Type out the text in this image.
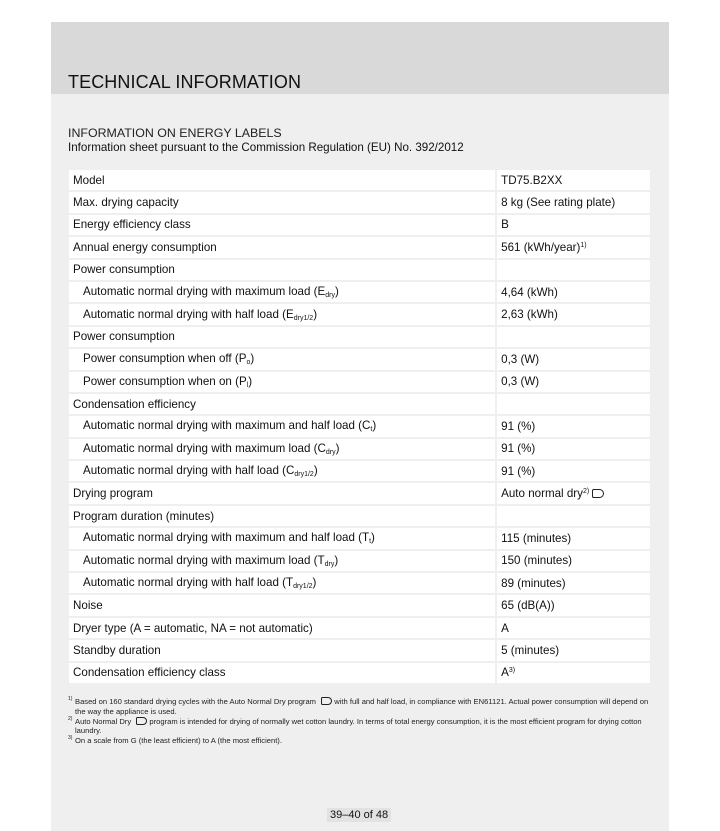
TECHNICAL INFORMATION
INFORMATION ON ENERGY LABELS
Information sheet pursuant to the Commission Regulation (EU) No. 392/2012
Model	TD75.B2XX
Max. drying capacity	8 kg (See rating plate)
Energy efficiency class	B
Annual energy consumption	561 (kWh/year)$^{1)}$
Power consumption	
Automatic normal drying with maximum load $(E_{dry})$	4,64 (kWh)
Automatic normal drying with half load $(E_{dry1/2})$	2,63 (kWh)
Power consumption	
Power consumption when off $(P_o)$	0,3 (W)
Power consumption when on $(P_l)$	0,3 (W)
Condensation efficiency	
Automatic normal drying with maximum and half load $(C_t)$	91 (%)
Automatic normal drying with maximum load $(C_{dry})$	91 (%)
Automatic normal drying with half load $(C_{dry1/2})$	91 (%)
Drying program	Auto normal dry$^{2)}$
Program duration (minutes)	
Automatic normal drying with maximum and half load $(T_t)$	115 (minutes)
Automatic normal drying with maximum load $(T_{dry})$	150 (minutes)
Automatic normal drying with half load $(T_{dry1/2})$	89 (minutes)
Noise	65 (dB(A))
Dryer type (A = automatic, NA = not automatic)	A
Standby duration	5 (minutes)
Condensation efficiency class	$A^{3)}$
1) Based on 160 standard drying cycles with the Auto Normal Dry program with full and half load, in compliance with EN61121. Actual power consumption will depend on the way the appliance is used.
2) Auto Normal Dry program is intended for drying of normally wet cotton laundry. In terms of total energy consumption, it is the most efficient program for drying cotton laundry.
3) On a scale from G (the least efficient) to A (the most efficient).
39–40 of 48
